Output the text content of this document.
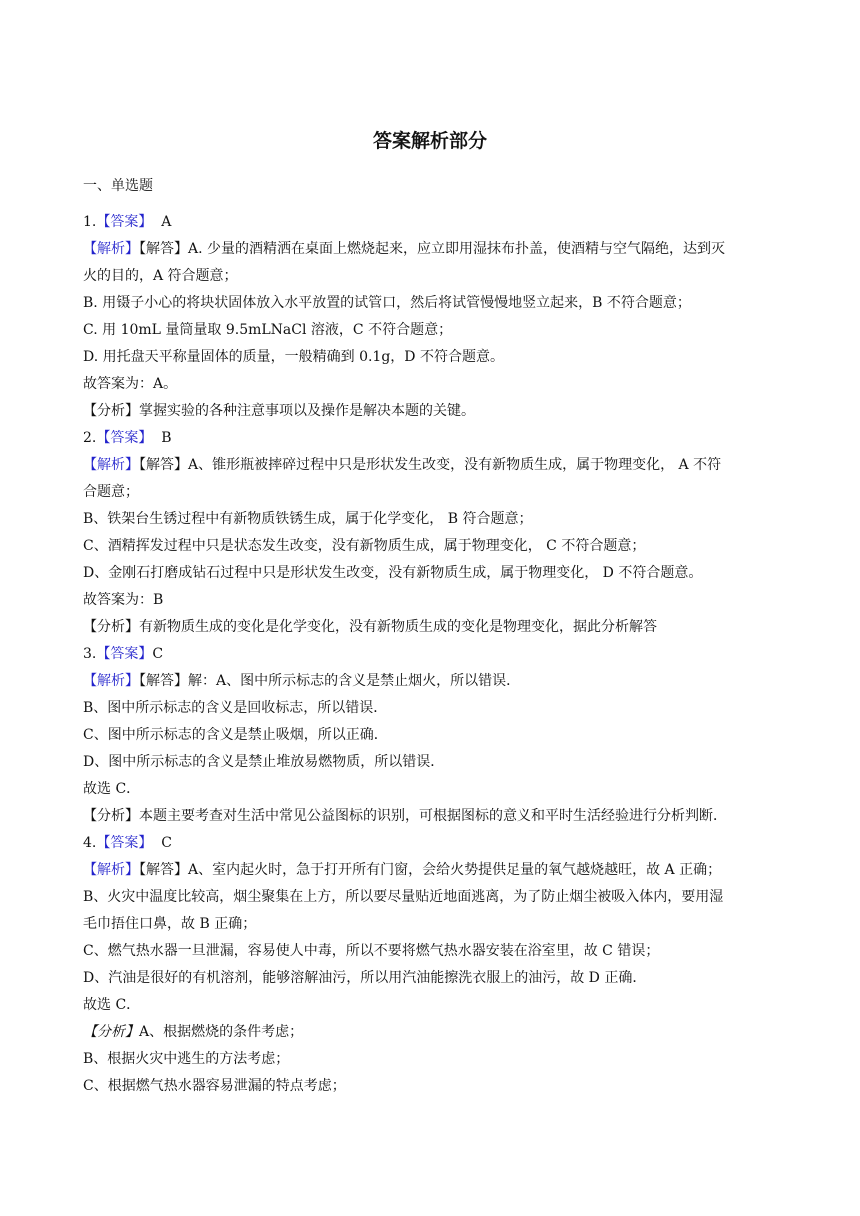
答案解析部分
一、单选题
1.【答案】 A
【解析】【解答】A. 少量的酒精洒在桌面上燃烧起来，应立即用湿抹布扑盖，使酒精与空气隔绝，达到灭
火的目的，A 符合题意；
B. 用镊子小心的将块状固体放入水平放置的试管口，然后将试管慢慢地竖立起来，B 不符合题意；
C. 用 10mL 量筒量取 9.5mLNaCl 溶液，C 不符合题意；
D. 用托盘天平称量固体的质量，一般精确到 0.1g，D 不符合题意。
故答案为：A。
【分析】掌握实验的各种注意事项以及操作是解决本题的关键。
2.【答案】 B
【解析】【解答】A、锥形瓶被摔碎过程中只是形状发生改变，没有新物质生成，属于物理变化， A 不符
合题意；
B、铁架台生锈过程中有新物质铁锈生成，属于化学变化， B 符合题意；
C、酒精挥发过程中只是状态发生改变，没有新物质生成，属于物理变化， C 不符合题意；
D、金刚石打磨成钻石过程中只是形状发生改变，没有新物质生成，属于物理变化， D 不符合题意。
故答案为：B
【分析】有新物质生成的变化是化学变化，没有新物质生成的变化是物理变化，据此分析解答
3.【答案】C
【解析】【解答】解：A、图中所示标志的含义是禁止烟火，所以错误．
B、图中所示标志的含义是回收标志，所以错误．
C、图中所示标志的含义是禁止吸烟，所以正确．
D、图中所示标志的含义是禁止堆放易燃物质，所以错误．
故选 C．
【分析】本题主要考查对生活中常见公益图标的识别，可根据图标的意义和平时生活经验进行分析判断．
4.【答案】 C
【解析】【解答】A、室内起火时，急于打开所有门窗，会给火势提供足量的氧气越烧越旺，故 A 正确；
B、火灾中温度比较高，烟尘聚集在上方，所以要尽量贴近地面逃离，为了防止烟尘被吸入体内，要用湿
毛巾捂住口鼻，故 B 正确；
C、燃气热水器一旦泄漏，容易使人中毒，所以不要将燃气热水器安装在浴室里，故 C 错误；
D、汽油是很好的有机溶剂，能够溶解油污，所以用汽油能擦洗衣服上的油污，故 D 正确．
故选 C．
【分析】A、根据燃烧的条件考虑；
B、根据火灾中逃生的方法考虑；
C、根据燃气热水器容易泄漏的特点考虑；
